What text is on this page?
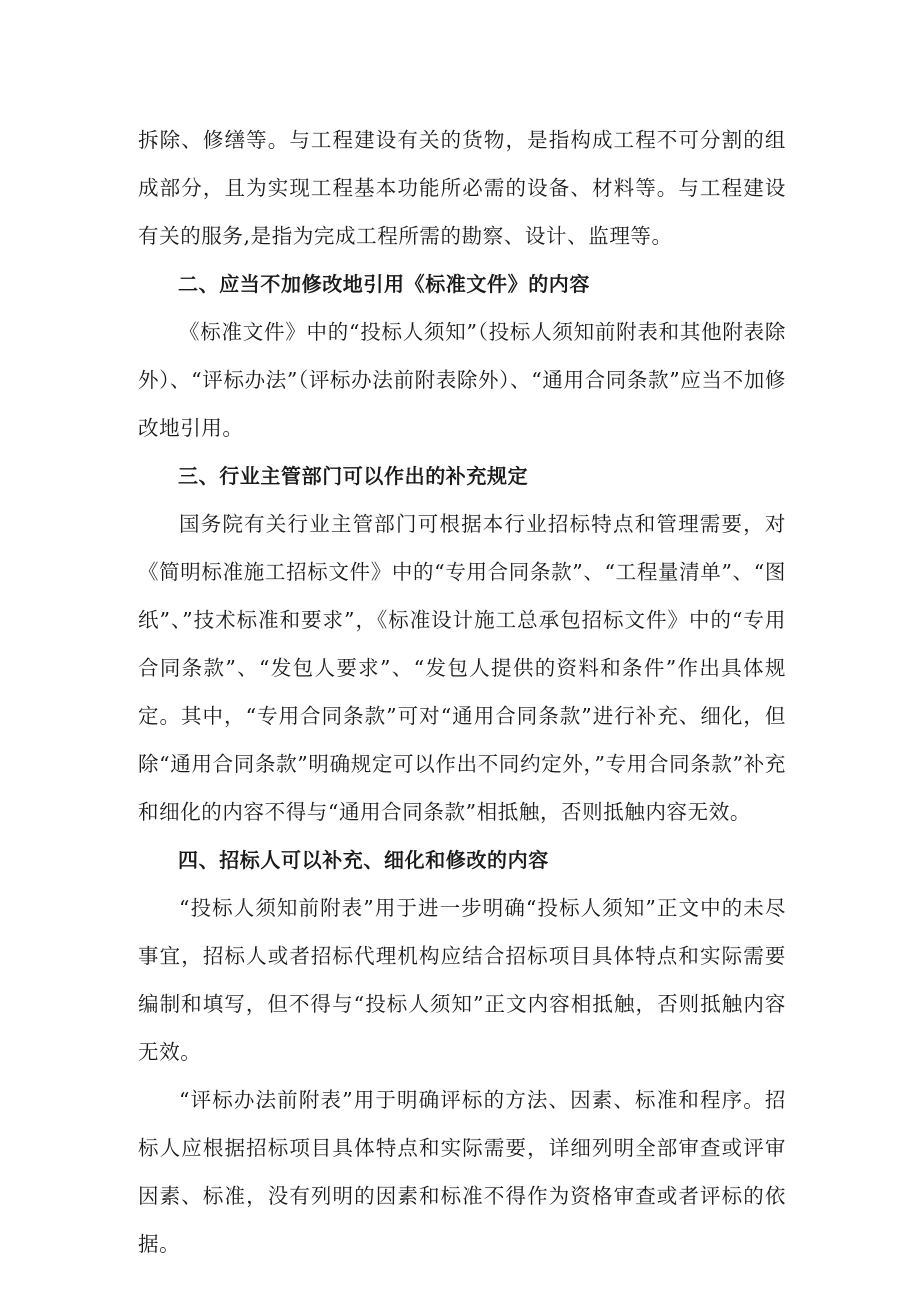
拆除、修缮等。与工程建设有关的货物，是指构成工程不可分割的组成部分，且为实现工程基本功能所必需的设备、材料等。与工程建设有关的服务,是指为完成工程所需的勘察、设计、监理等。

二、应当不加修改地引用《标准文件》的内容

《标准文件》中的“投标人须知”（投标人须知前附表和其他附表除外）、“评标办法”（评标办法前附表除外）、“通用合同条款”应当不加修改地引用。

三、行业主管部门可以作出的补充规定

国务院有关行业主管部门可根据本行业招标特点和管理需要，对《简明标准施工招标文件》中的“专用合同条款”、“工程量清单”、“图纸”、”技术标准和要求”，《标准设计施工总承包招标文件》中的“专用合同条款”、“发包人要求”、“发包人提供的资料和条件”作出具体规定。其中，“专用合同条款”可对“通用合同条款”进行补充、细化，但除“通用合同条款”明确规定可以作出不同约定外，”专用合同条款”补充和细化的内容不得与“通用合同条款”相抵触，否则抵触内容无效。

四、招标人可以补充、细化和修改的内容

“投标人须知前附表”用于进一步明确“投标人须知”正文中的未尽事宜，招标人或者招标代理机构应结合招标项目具体特点和实际需要编制和填写，但不得与“投标人须知”正文内容相抵触，否则抵触内容无效。

“评标办法前附表”用于明确评标的方法、因素、标准和程序。招标人应根据招标项目具体特点和实际需要，详细列明全部审查或评审因素、标准，没有列明的因素和标准不得作为资格审查或者评标的依据。
